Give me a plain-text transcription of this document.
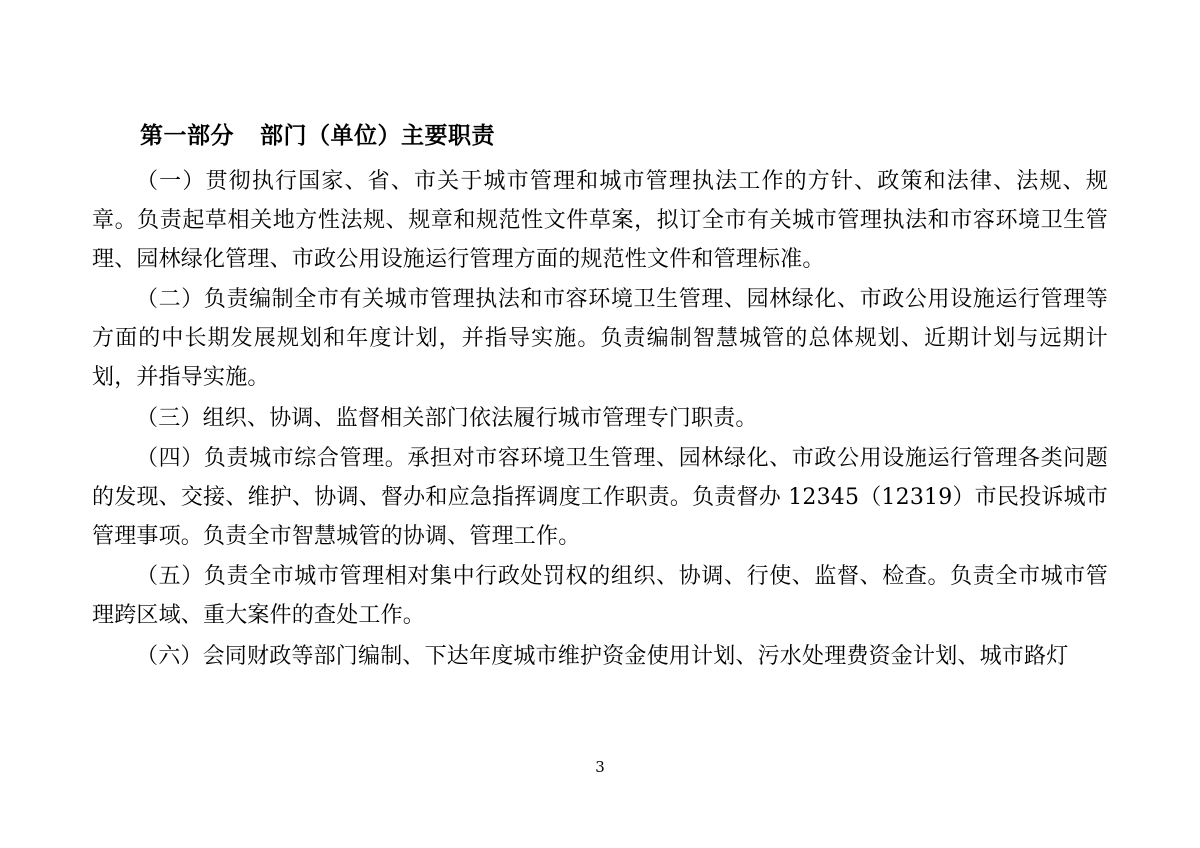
第一部分 部门（单位）主要职责

（一）贯彻执行国家、省、市关于城市管理和城市管理执法工作的方针、政策和法律、法规、规章。负责起草相关地方性法规、规章和规范性文件草案，拟订全市有关城市管理执法和市容环境卫生管理、园林绿化管理、市政公用设施运行管理方面的规范性文件和管理标准。

（二）负责编制全市有关城市管理执法和市容环境卫生管理、园林绿化、市政公用设施运行管理等方面的中长期发展规划和年度计划，并指导实施。负责编制智慧城管的总体规划、近期计划与远期计划，并指导实施。

（三）组织、协调、监督相关部门依法履行城市管理专门职责。

（四）负责城市综合管理。承担对市容环境卫生管理、园林绿化、市政公用设施运行管理各类问题的发现、交接、维护、协调、督办和应急指挥调度工作职责。负责督办 12345（12319）市民投诉城市管理事项。负责全市智慧城管的协调、管理工作。

（五）负责全市城市管理相对集中行政处罚权的组织、协调、行使、监督、检查。负责全市城市管理跨区域、重大案件的查处工作。

（六）会同财政等部门编制、下达年度城市维护资金使用计划、污水处理费资金计划、城市路灯

3
